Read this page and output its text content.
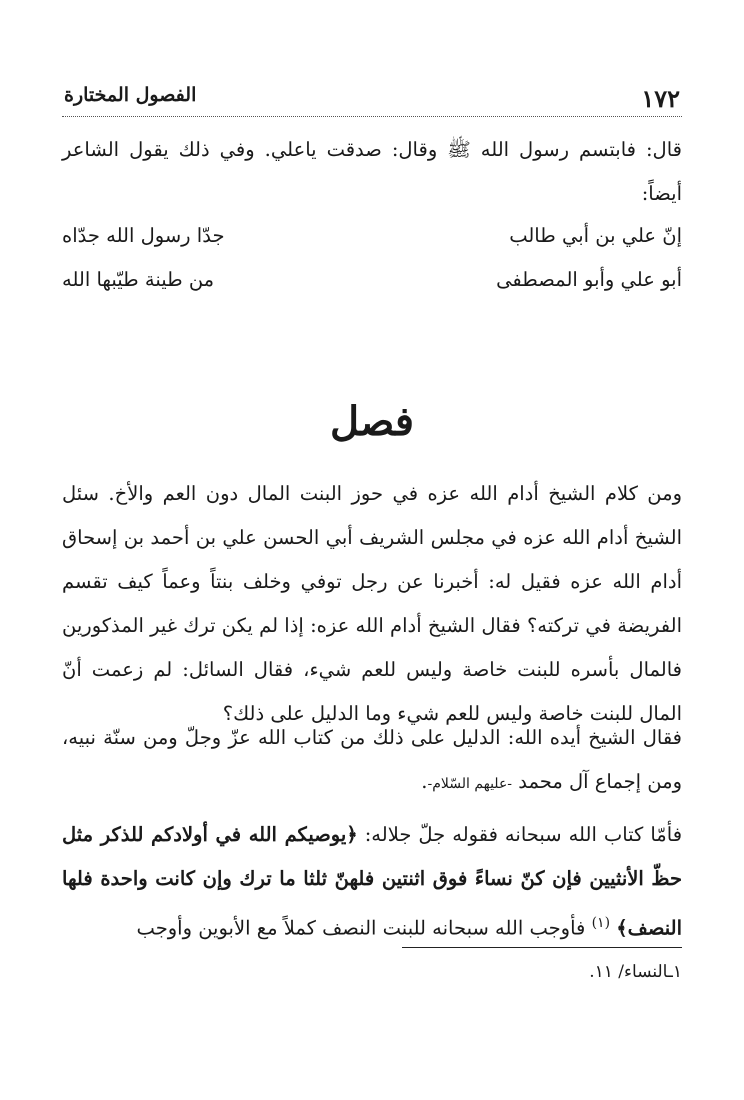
١٧٢
الفصول المختارة
قال: فابتسم رسول الله ﷺ وقال: صدقت ياعلي. وفي ذلك يقول الشاعر أيضاً:
إنّ علي بن أبي طالب
جدّا رسول الله جدّاه
أبو علي وأبو المصطفى
من طينة طيّبها الله
فصل
ومن كلام الشيخ أدام الله عزه في حوز البنت المال دون العم والأخ. سئل الشيخ أدام الله عزه في مجلس الشريف أبي الحسن علي بن أحمد بن إسحاق أدام الله عزه فقيل له: أخبرنا عن رجل توفي وخلف بنتاً وعماً كيف تقسم الفريضة في تركته؟ فقال الشيخ أدام الله عزه: إذا لم يكن ترك غير المذكورين فالمال بأسره للبنت خاصة وليس للعم شيء، فقال السائل: لم زعمت أنّ المال للبنت خاصة وليس للعم شيء وما الدليل على ذلك؟
فقال الشيخ أيده الله: الدليل على ذلك من كتاب الله عزّ وجلّ ومن سنّة نبيه، ومن إجماع آل محمد -عليهم السّلام-.
فأمّا كتاب الله سبحانه فقوله جلّ جلاله: ﴿يوصيكم الله في أولادكم للذكر مثل حظّ الأنثيين فإن كنّ نساءً فوق اثنتين فلهنّ ثلثا ما ترك وإن كانت واحدة فلها النصف﴾ $^{(١)}$ فأوجب الله سبحانه للبنت النصف كملاً مع الأبوين وأوجب
١ـالنساء/ ١١.
